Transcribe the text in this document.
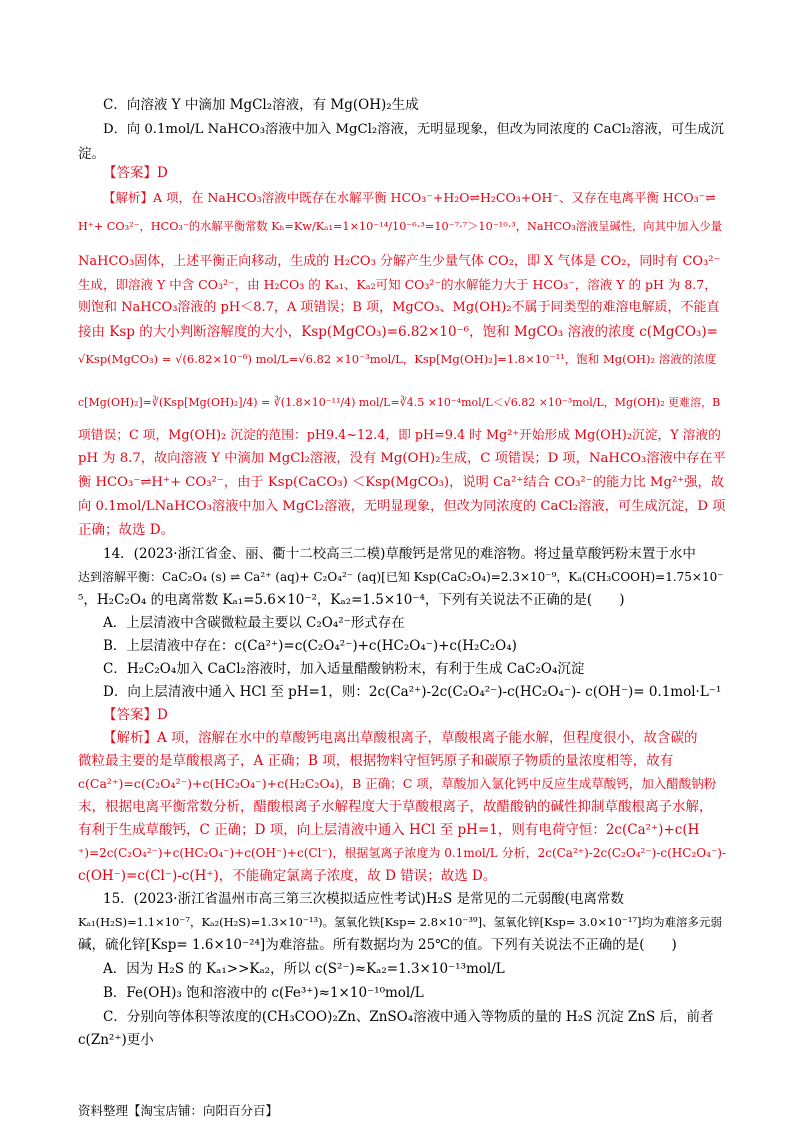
C．向溶液 Y 中滴加 MgCl₂溶液，有 Mg(OH)₂生成
D．向 0.1mol/L NaHCO₃溶液中加入 MgCl₂溶液，无明显现象，但改为同浓度的 CaCl₂溶液，可生成沉
淀。
【答案】D
【解析】A 项，在 NaHCO₃溶液中既存在水解平衡 HCO₃⁻+H₂O⇌H₂CO₃+OH⁻、又存在电离平衡 HCO₃⁻⇌
H⁺+ CO₃²⁻，HCO₃⁻的水解平衡常数 Kₕ=Kw/Kₐ₁=1×10⁻¹⁴/10⁻⁶·³=10⁻⁷·⁷＞10⁻¹⁰·³，NaHCO₃溶液呈碱性，向其中加入少量
NaHCO₃固体，上述平衡正向移动，生成的 H₂CO₃ 分解产生少量气体 CO₂，即 X 气体是 CO₂，同时有 CO₃²⁻
生成，即溶液 Y 中含 CO₃²⁻，由 H₂CO₃ 的 Kₐ₁、Kₐ₂可知 CO₃²⁻的水解能力大于 HCO₃⁻，溶液 Y 的 pH 为 8.7，
则饱和 NaHCO₃溶液的 pH＜8.7，A 项错误；B 项，MgCO₃、Mg(OH)₂不属于同类型的难溶电解质，不能直
接由 Ksp 的大小判断溶解度的大小，Ksp(MgCO₃)=6.82×10⁻⁶，饱和 MgCO₃ 溶液的浓度 c(MgCO₃)=
√Ksp(MgCO₃) = √(6.82×10⁻⁶) mol/L=√6.82 ×10⁻³mol/L，Ksp[Mg(OH)₂]=1.8×10⁻¹¹，饱和 Mg(OH)₂ 溶液的浓度
c[Mg(OH)₂]=∛(Ksp[Mg(OH)₂]/4) = ∛(1.8×10⁻¹¹/4) mol/L=∛4.5 ×10⁻⁴mol/L＜√6.82 ×10⁻³mol/L，Mg(OH)₂ 更难溶，B
项错误；C 项，Mg(OH)₂ 沉淀的范围：pH9.4~12.4，即 pH=9.4 时 Mg²⁺开始形成 Mg(OH)₂沉淀，Y 溶液的
pH 为 8.7，故向溶液 Y 中滴加 MgCl₂溶液，没有 Mg(OH)₂生成，C 项错误；D 项，NaHCO₃溶液中存在平
衡 HCO₃⁻⇌H⁺+ CO₃²⁻，由于 Ksp(CaCO₃) ＜Ksp(MgCO₃)，说明 Ca²⁺结合 CO₃²⁻的能力比 Mg²⁺强，故
向 0.1mol/LNaHCO₃溶液中加入 MgCl₂溶液，无明显现象，但改为同浓度的 CaCl₂溶液，可生成沉淀，D 项
正确；故选 D。
14．(2023·浙江省金、丽、衢十二校高三二模)草酸钙是常见的难溶物。将过量草酸钙粉末置于水中
达到溶解平衡：CaC₂O₄ (s) ⇌ Ca²⁺ (aq)+ C₂O₄²⁻ (aq)[已知 Ksp(CaC₂O₄)=2.3×10⁻⁹，Kₐ(CH₃COOH)=1.75×10⁻
⁵，H₂C₂O₄ 的电离常数 Kₐ₁=5.6×10⁻²，Kₐ₂=1.5×10⁻⁴，下列有关说法不正确的是(　　)
A．上层清液中含碳微粒最主要以 C₂O₄²⁻形式存在
B．上层清液中存在：c(Ca²⁺)=c(C₂O₄²⁻)+c(HC₂O₄⁻)+c(H₂C₂O₄)
C．H₂C₂O₄加入 CaCl₂溶液时，加入适量醋酸钠粉末，有利于生成 CaC₂O₄沉淀
D．向上层清液中通入 HCl 至 pH=1，则：2c(Ca²⁺)-2c(C₂O₄²⁻)-c(HC₂O₄⁻)- c(OH⁻)= 0.1mol·L⁻¹
【答案】D
【解析】A 项，溶解在水中的草酸钙电离出草酸根离子，草酸根离子能水解，但程度很小，故含碳的
微粒最主要的是草酸根离子，A 正确；B 项，根据物料守恒钙原子和碳原子物质的量浓度相等，故有
c(Ca²⁺)=c(C₂O₄²⁻)+c(HC₂O₄⁻)+c(H₂C₂O₄)，B 正确；C 项，草酸加入氯化钙中反应生成草酸钙，加入醋酸钠粉
末，根据电离平衡常数分析，醋酸根离子水解程度大于草酸根离子，故醋酸钠的碱性抑制草酸根离子水解，
有利于生成草酸钙，C 正确；D 项，向上层清液中通入 HCl 至 pH=1，则有电荷守恒：2c(Ca²⁺)+c(H
⁺)=2c(C₂O₄²⁻)+c(HC₂O₄⁻)+c(OH⁻)+c(Cl⁻)，根据氢离子浓度为 0.1mol/L 分析，2c(Ca²⁺)-2c(C₂O₄²⁻)-c(HC₂O₄⁻)-
c(OH⁻)=c(Cl⁻)-c(H⁺)，不能确定氯离子浓度，故 D 错误；故选 D。
15．(2023·浙江省温州市高三第三次模拟适应性考试)H₂S 是常见的二元弱酸(电离常数
Kₐ₁(H₂S)=1.1×10⁻⁷，Kₐ₂(H₂S)=1.3×10⁻¹³)。氢氧化铁[Ksp= 2.8×10⁻³⁹]、氢氧化锌[Ksp= 3.0×10⁻¹⁷]均为难溶多元弱
碱，硫化锌[Ksp= 1.6×10⁻²⁴]为难溶盐。所有数据均为 25℃的值。下列有关说法不正确的是(　　)
A．因为 H₂S 的 Kₐ₁>>Kₐ₂，所以 c(S²⁻)≈Kₐ₂=1.3×10⁻¹³mol/L
B．Fe(OH)₃ 饱和溶液中的 c(Fe³⁺)≈1×10⁻¹⁰mol/L
C．分别向等体积等浓度的(CH₃COO)₂Zn、ZnSO₄溶液中通入等物质的量的 H₂S 沉淀 ZnS 后，前者
c(Zn²⁺)更小
资料整理【淘宝店铺：向阳百分百】
